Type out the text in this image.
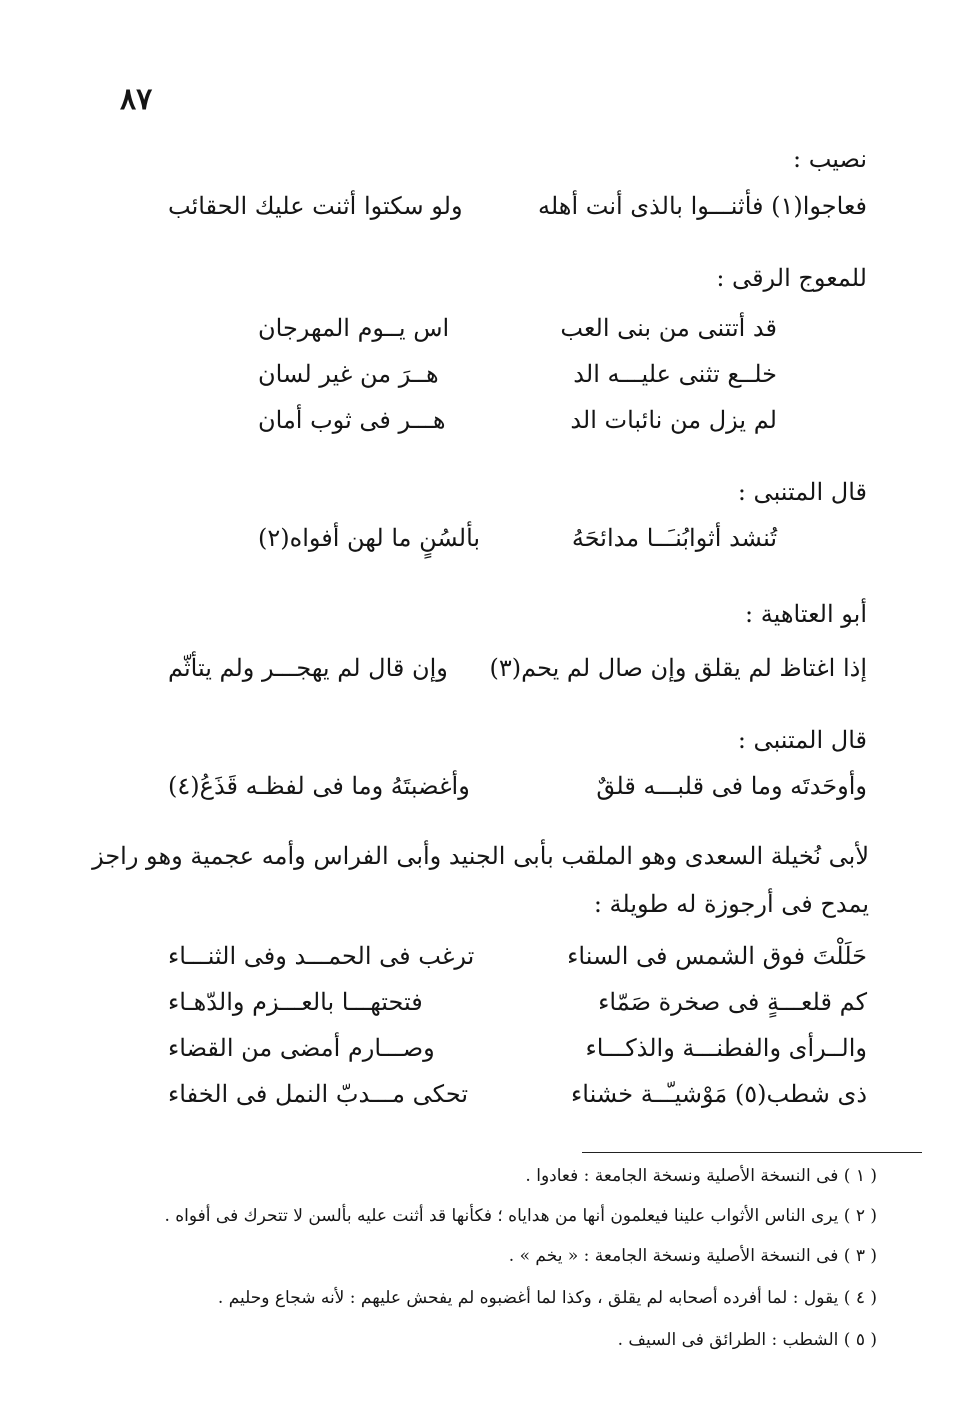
٨٧
نصيب :
فعاجوا(١) فأثنـــوا بالذى أنت أهله
ولو سكتوا أثنت عليك الحقائب
للمعوج الرقى :
قد أتتنى من بنى العب
اس يــوم المهرجان
خلــع تثنى عليـــه الد
هــرَ من غير لسان
لم يزل من نائبات الد
هـــر فى ثوب أمان
قال المتنبى :
تُنشد أثوابُنـَــا مدائحَهُ
بألسُنٍ ما لهن أفواه(٢)
أبو العتاهية :
إذا اغتاظ لم يقلق وإن صال لم يحم(٣)
وإن قال لم يهجـــر ولم يتأثّم
قال المتنبى :
وأوحَدتَه وما فى قلبـــه قلقٌ
وأغضبتَهُ وما فى لفظـه قَذَعُ(٤)
لأبى نُخيلة السعدى وهو الملقب بأبى الجنيد وأبى الفراس وأمه عجمية وهو راجز
يمدح فى أرجوزة له طويلة :
حَلَلْتَ فوق الشمس فى السناء
ترغب فى الحمـــد وفى الثنـــاء
كم قلعـــةٍ فى صخرة صَمّاء
فتحتهـــا بالعـــزم والدّهـاء
والــرأى والفطنـــة والذكـــاء
وصـــارم أمضى من القضاء
ذى شطب(٥) مَوْشيـّــة خشناء
تحكى مـــدبّ النمل فى الخفاء
( ١ ) فى النسخة الأصلية ونسخة الجامعة : فعادوا .
( ٢ ) يرى الناس الأثواب علينا فيعلمون أنها من هداياه ؛ فكأنها قد أثنت عليه بألسن لا تتحرك فى أفواه .
( ٣ ) فى النسخة الأصلية ونسخة الجامعة : « يخم » .
( ٤ ) يقول : لما أفرده أصحابه لم يقلق ، وكذا لما أغضبوه لم يفحش عليهم : لأنه شجاع وحليم .
( ٥ ) الشطب : الطرائق فى السيف .
